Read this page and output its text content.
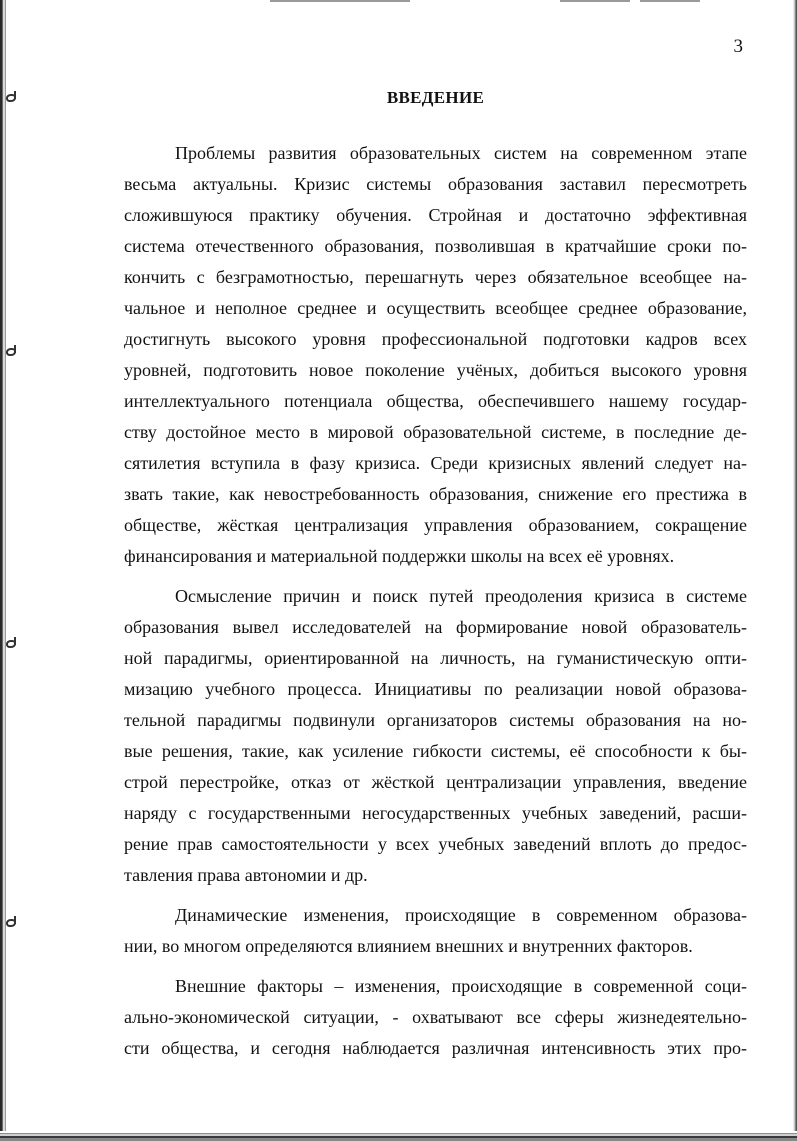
3
ВВЕДЕНИЕ

Проблемы развития образовательных систем на современном этапе
весьма актуальны. Кризис системы образования заставил пересмотреть
сложившуюся практику обучения. Стройная и достаточно эффективная
система отечественного образования, позволившая в кратчайшие сроки по-
кончить с безграмотностью, перешагнуть через обязательное всеобщее на-
чальное и неполное среднее и осуществить всеобщее среднее образование,
достигнуть высокого уровня профессиональной подготовки кадров всех
уровней, подготовить новое поколение учёных, добиться высокого уровня
интеллектуального потенциала общества, обеспечившего нашему государ-
ству достойное место в мировой образовательной системе, в последние де-
сятилетия вступила в фазу кризиса. Среди кризисных явлений следует на-
звать такие, как невостребованность образования, снижение его престижа в
обществе, жёсткая централизация управления образованием, сокращение
финансирования и материальной поддержки школы на всех её уровнях.

Осмысление причин и поиск путей преодоления кризиса в системе
образования вывел исследователей на формирование новой образователь-
ной парадигмы, ориентированной на личность, на гуманистическую опти-
мизацию учебного процесса. Инициативы по реализации новой образова-
тельной парадигмы подвинули организаторов системы образования на но-
вые решения, такие, как усиление гибкости системы, её способности к бы-
строй перестройке, отказ от жёсткой централизации управления, введение
наряду с государственными негосударственных учебных заведений, расши-
рение прав самостоятельности у всех учебных заведений вплоть до предос-
тавления права автономии и др.

Динамические изменения, происходящие в современном образова-
нии, во многом определяются влиянием внешних и внутренних факторов.

Внешние факторы – изменения, происходящие в современной соци-
ально-экономической ситуации, - охватывают все сферы жизнедеятельно-
сти общества, и сегодня наблюдается различная интенсивность этих про-
